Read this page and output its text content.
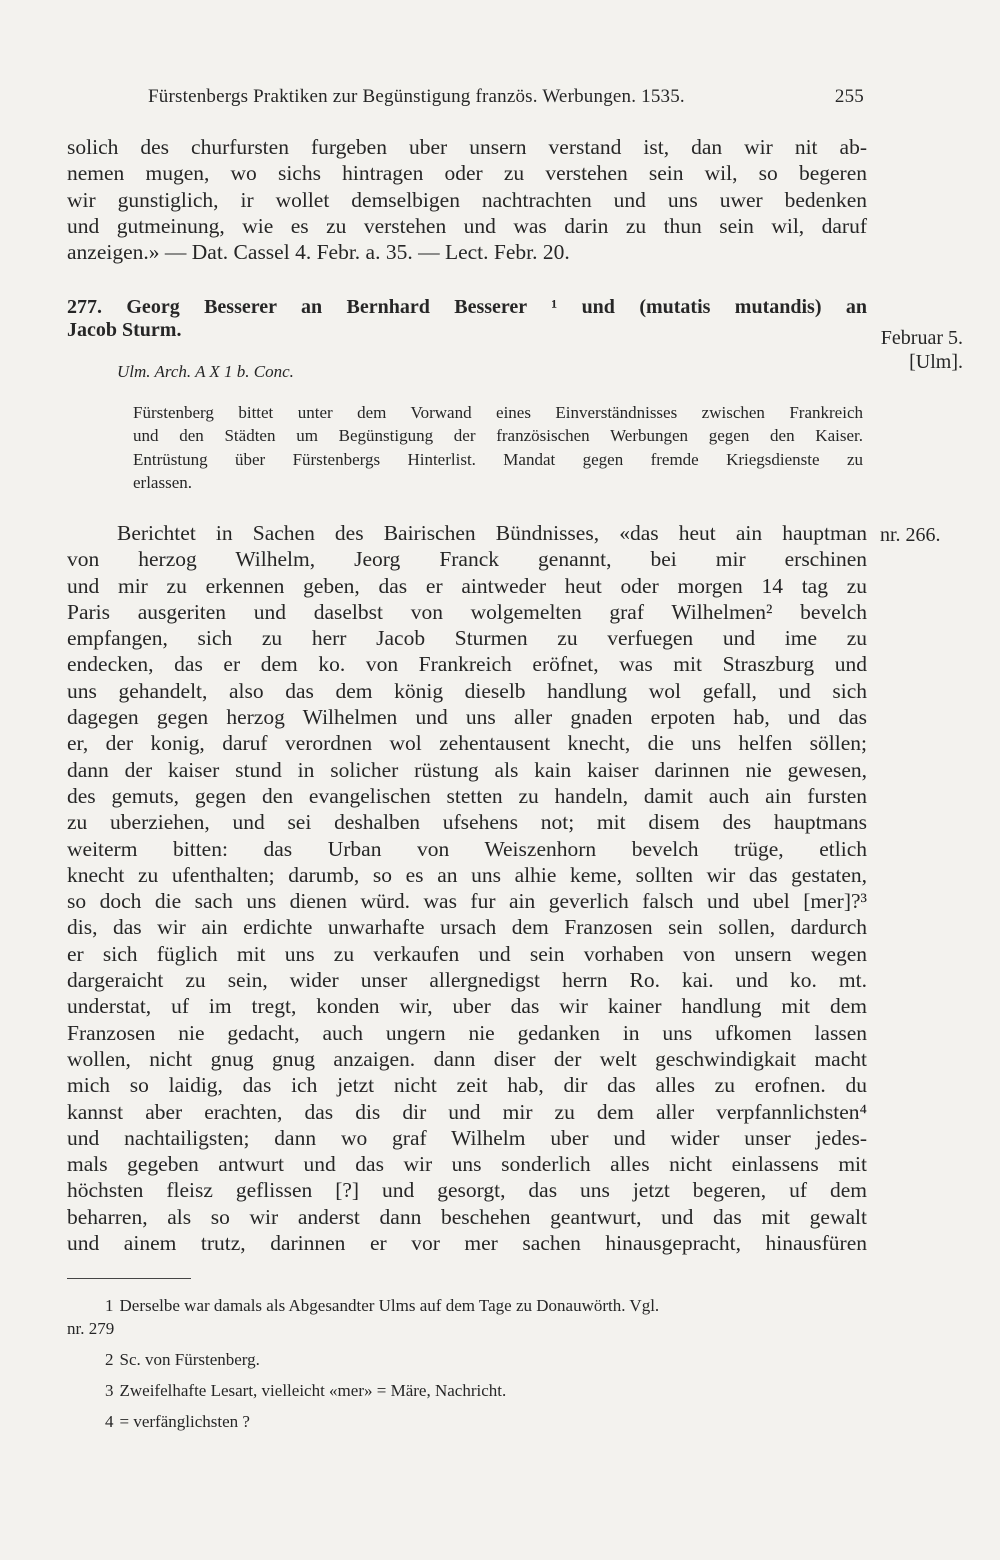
Fürstenbergs Praktiken zur Begünstigung französ. Werbungen. 1535.	255
solich des churfursten furgeben uber unsern verstand ist, dan wir nit ab-
nemen mugen, wo sichs hintragen oder zu verstehen sein wil, so begeren
wir gunstiglich, ir wollet demselbigen nachtrachten und uns uwer bedenken
und gutmeinung, wie es zu verstehen und was darin zu thun sein wil, daruf
anzeigen.» — Dat. Cassel 4. Febr. a. 35. — Lect. Febr. 20.
277. Georg Besserer an Bernhard Besserer ¹ und (mutatis mutandis) an
Jacob Sturm.	Februar 5.
[Ulm].
Ulm. Arch. A X 1 b. Conc.
Fürstenberg bittet unter dem Vorwand eines Einverständnisses zwischen Frankreich
und den Städten um Begünstigung der französischen Werbungen gegen den Kaiser.
Entrüstung über Fürstenbergs Hinterlist. Mandat gegen fremde Kriegsdienste zu
erlassen.
nr. 266.
Berichtet in Sachen des Bairischen Bündnisses, «das heut ain hauptman
von herzog Wilhelm, Jeorg Franck genannt, bei mir erschinen
und mir zu erkennen geben, das er aintweder heut oder morgen 14 tag zu
Paris ausgeriten und daselbst von wolgemelten graf Wilhelmen² bevelch
empfangen, sich zu herr Jacob Sturmen zu verfuegen und ime zu
endecken, das er dem ko. von Frankreich eröfnet, was mit Straszburg und
uns gehandelt, also das dem könig dieselb handlung wol gefall, und sich
dagegen gegen herzog Wilhelmen und uns aller gnaden erpoten hab, und das
er, der konig, daruf verordnen wol zehentausent knecht, die uns helfen söllen;
dann der kaiser stund in solicher rüstung als kain kaiser darinnen nie gewesen,
des gemuts, gegen den evangelischen stetten zu handeln, damit auch ain fursten
zu uberziehen, und sei deshalben ufsehens not; mit disem des hauptmans
weiterm bitten: das Urban von Weiszenhorn bevelch trüge, etlich
knecht zu ufenthalten; darumb, so es an uns alhie keme, sollten wir das gestaten,
so doch die sach uns dienen würd. was fur ain geverlich falsch und ubel [mer]?³
dis, das wir ain erdichte unwarhafte ursach dem Franzosen sein sollen, dardurch
er sich füglich mit uns zu verkaufen und sein vorhaben von unsern wegen
dargeraicht zu sein, wider unser allergnedigst herrn Ro. kai. und ko. mt.
understat, uf im tregt, konden wir, uber das wir kainer handlung mit dem
Franzosen nie gedacht, auch ungern nie gedanken in uns ufkomen lassen
wollen, nicht gnug gnug anzaigen. dann diser der welt geschwindigkait macht
mich so laidig, das ich jetzt nicht zeit hab, dir das alles zu erofnen. du
kannst aber erachten, das dis dir und mir zu dem aller verpfannlichsten⁴
und nachtailigsten; dann wo graf Wilhelm uber und wider unser jedes-
mals gegeben antwurt und das wir uns sonderlich alles nicht einlassens mit
höchsten fleisz geflissen [?] und gesorgt, das uns jetzt begeren, uf dem
beharren, als so wir anderst dann beschehen geantwurt, und das mit gewalt
und ainem trutz, darinnen er vor mer sachen hinausgepracht, hinausfüren
1 Derselbe war damals als Abgesandter Ulms auf dem Tage zu Donauwörth. Vgl.
nr. 279
2 Sc. von Fürstenberg.
3 Zweifelhafte Lesart, vielleicht «mer» = Märe, Nachricht.
4 = verfänglichsten ?
